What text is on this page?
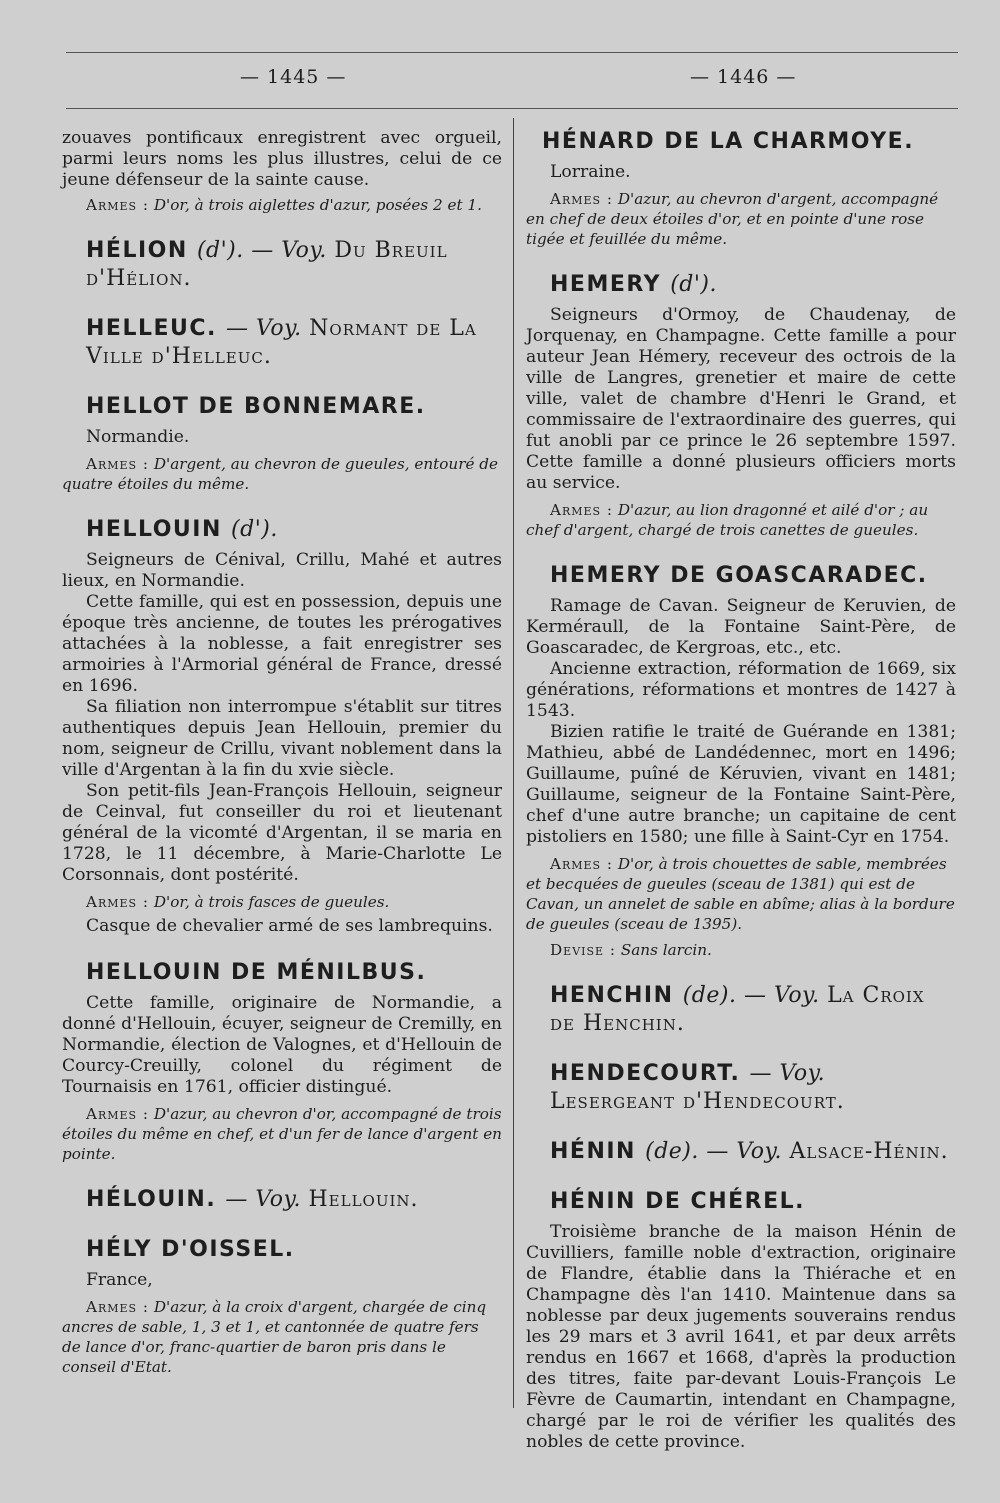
— 1445 —	— 1446 —

zouaves pontificaux enregistrent avec orgueil, parmi leurs noms les plus illustres, celui de ce jeune défenseur de la sainte cause.

Armes : D'or, à trois aiglettes d'azur, posées 2 et 1.
HÉLION (d'). — Voy. Du Breuil d'Hélion.
HELLEUC. — Voy. Normant de La Ville d'Helleuc.
HELLOT DE BONNEMARE.
Normandie.
Armes : D'argent, au chevron de gueules, entouré de quatre étoiles du même.
HELLOUIN (d').

Seigneurs de Cénival, Crillu, Mahé et autres lieux, en Normandie.

Cette famille, qui est en possession, depuis une époque très ancienne, de toutes les prérogatives attachées à la noblesse, a fait enregistrer ses armoiries à l'Armorial général de France, dressé en 1696.

Sa filiation non interrompue s'établit sur titres authentiques depuis Jean Hellouin, premier du nom, seigneur de Crillu, vivant noblement dans la ville d'Argentan à la fin du xvie siècle.

Son petit-fils Jean-François Hellouin, seigneur de Ceinval, fut conseiller du roi et lieutenant général de la vicomté d'Argentan, il se maria en 1728, le 11 décembre, à Marie-Charlotte Le Corsonnais, dont postérité.

Armes : D'or, à trois fasces de gueules.

Casque de chevalier armé de ses lambrequins.

HELLOUIN DE MÉNILBUS.

Cette famille, originaire de Normandie, a donné d'Hellouin, écuyer, seigneur de Cremilly, en Normandie, élection de Valognes, et d'Hellouin de Courcy-Creuilly, colonel du régiment de Tournaisis en 1761, officier distingué.

Armes : D'azur, au chevron d'or, accompagné de trois étoiles du même en chef, et d'un fer de lance d'argent en pointe.
HÉLOUIN. — Voy. Hellouin.
HÉLY D'OISSEL.
France,
Armes : D'azur, à la croix d'argent, chargée de cinq ancres de sable, 1, 3 et 1, et cantonnée de quatre fers de lance d'or, franc-quartier de baron pris dans le conseil d'Etat.
HÉNARD DE LA CHARMOYE.
Lorraine.
Armes : D'azur, au chevron d'argent, accompagné en chef de deux étoiles d'or, et en pointe d'une rose tigée et feuillée du même.
HEMERY (d').

Seigneurs d'Ormoy, de Chaudenay, de Jorquenay, en Champagne. Cette famille a pour auteur Jean Hémery, receveur des octrois de la ville de Langres, grenetier et maire de cette ville, valet de chambre d'Henri le Grand, et commissaire de l'extraordinaire des guerres, qui fut anobli par ce prince le 26 septembre 1597. Cette famille a donné plusieurs officiers morts au service.

Armes : D'azur, au lion dragonné et ailé d'or ; au chef d'argent, chargé de trois canettes de gueules.
HEMERY DE GOASCARADEC.

Ramage de Cavan. Seigneur de Keruvien, de Kerméraull, de la Fontaine Saint-Père, de Goascaradec, de Kergroas, etc., etc.

Ancienne extraction, réformation de 1669, six générations, réformations et montres de 1427 à 1543.

Bizien ratifie le traité de Guérande en 1381; Mathieu, abbé de Landédennec, mort en 1496; Guillaume, puîné de Kéruvien, vivant en 1481; Guillaume, seigneur de la Fontaine Saint-Père, chef d'une autre branche; un capitaine de cent pistoliers en 1580; une fille à Saint-Cyr en 1754.

Armes : D'or, à trois chouettes de sable, membrées et becquées de gueules (sceau de 1381) qui est de Cavan, un annelet de sable en abîme; alias à la bordure de gueules (sceau de 1395).
Devise : Sans larcin.
HENCHIN (de). — Voy. La Croix de Henchin.
HENDECOURT. — Voy. Lesergeant d'Hendecourt.
HÉNIN (de). — Voy. Alsace-Hénin.
HÉNIN DE CHÉREL.

Troisième branche de la maison Hénin de Cuvilliers, famille noble d'extraction, originaire de Flandre, établie dans la Thiérache et en Champagne dès l'an 1410. Maintenue dans sa noblesse par deux jugements souverains rendus les 29 mars et 3 avril 1641, et par deux arrêts rendus en 1667 et 1668, d'après la production des titres, faite par-devant Louis-François Le Fèvre de Caumartin, intendant en Champagne, chargé par le roi de vérifier les qualités des nobles de cette province.
